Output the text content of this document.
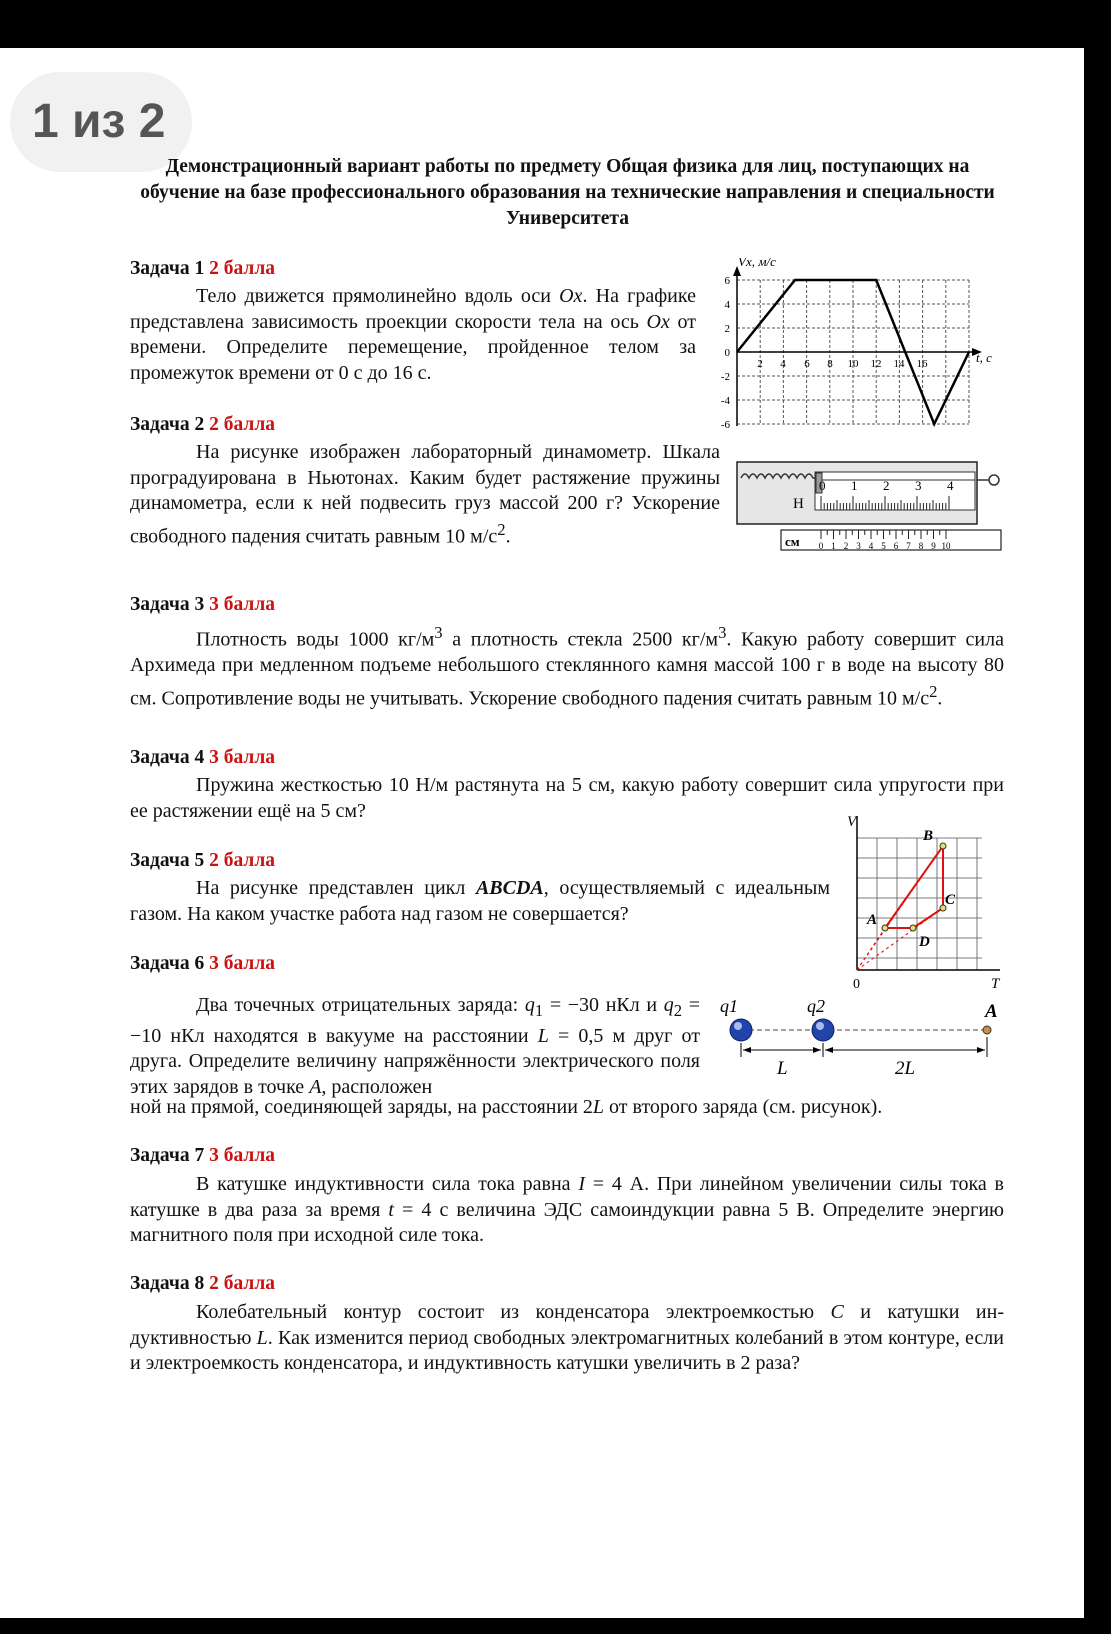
1 из 2
Демонстрационный вариант работы по предмету Общая физика для лиц, поступающих на обучение на базе профессионального образования на технические направления и специальности Университета
Задача 1 2 балла
Тело движется прямолинейно вдоль оси Ox. На графике представлена зависимость проекции скорости тела на ось Ox от времени. Определите перемещение, пройденное телом за промежуток времени от 0 с до 16 с.
Vx, м/с
t, с
6
4
2
0
-2
-4
-6
2 4 6 8 10 12 14 16
Задача 2 2 балла
На рисунке изображен лабораторный динамометр. Шкала проградуирована в Ньютонах. Каким будет растяжение пружины динамометра, если к ней подвесить груз массой 200 г? Ускорение свободного падения считать равным 10 $м/с^2$.
Н
0 1 2 3 4
см 0 1 2 3 4 5 6 7 8 9 10
Задача 3 3 балла
Плотность воды 1000 $кг/м^3$ а плотность стекла 2500 $кг/м^3$. Какую работу совершит сила Архимеда при медленном подъеме небольшого стеклянного камня массой 100 г в воде на высоту 80 см. Сопротивление воды не учитывать. Ускорение свободного падения считать равным 10 $м/с^2$.
Задача 4 3 балла
Пружина жесткостью 10 Н/м растянута на 5 см, какую работу совершит сила упругости при ее растяжении ещё на 5 см?
Задача 5 2 балла
На рисунке представлен цикл ABCDA, осуществляемый с идеальным газом. На каком участке работа над газом не совершается?
V
T
0
A
B
C
D
Задача 6 3 балла
Два точечных отрицательных заряда: $q_1 = -30$ нКл и $q_2 = -10$ нКл находятся в вакууме на расстоянии L = 0,5 м друг от друга. Определите величину напряжённости электрического поля этих зарядов в точке A, расположен
ной на прямой, соединяющей заряды, на расстоянии 2L от второго заряда (см. рисунок).
q1	q2	A
L	2L
Задача 7 3 балла
В катушке индуктивности сила тока равна I = 4 А. При линейном увеличении силы тока в катушке в два раза за время t = 4 с величина ЭДС самоиндукции равна 5 В. Определите энергию магнитного поля при исходной силе тока.
Задача 8 2 балла
Колебательный контур состоит из конденсатора электроемкостью C и катушки индуктивностью L. Как изменится период свободных электромагнитных колебаний в этом контуре, если и электроемкость конденсатора, и индуктивность катушки увеличить в 2 раза?
